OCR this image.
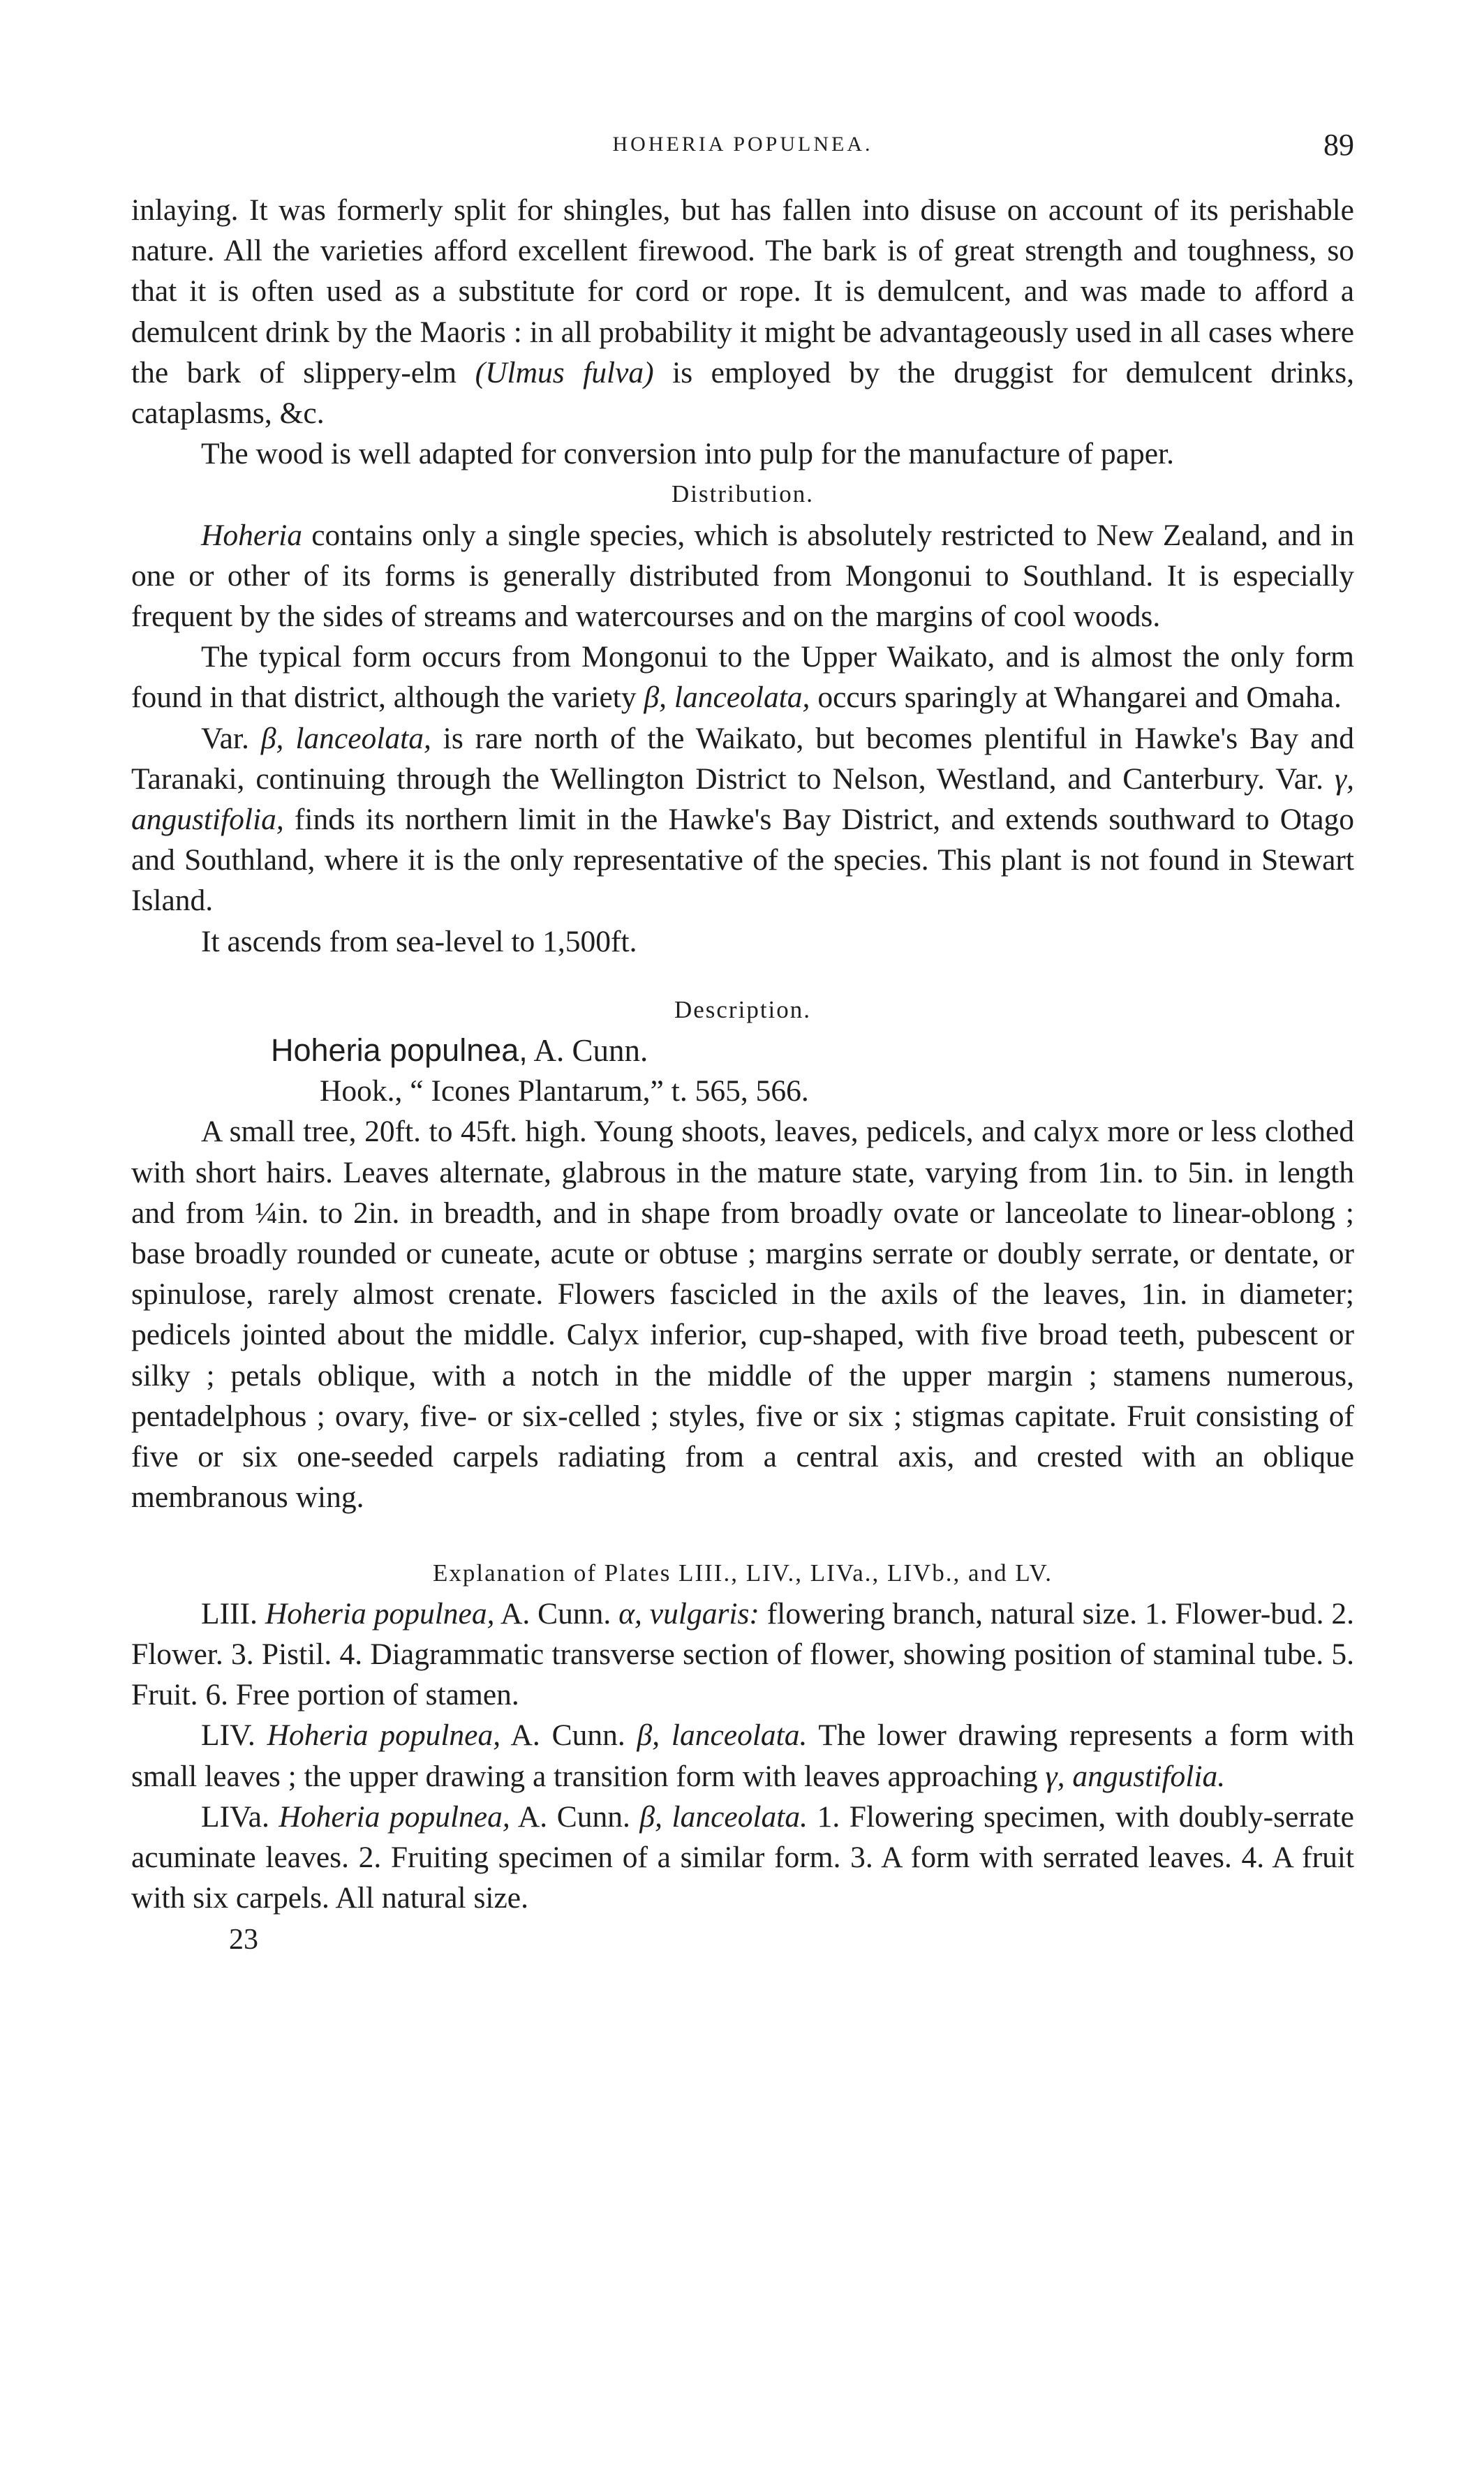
HOHERIA POPULNEA.	89

inlaying. It was formerly split for shingles, but has fallen into disuse on account of its perishable nature. All the varieties afford excellent firewood. The bark is of great strength and toughness, so that it is often used as a substitute for cord or rope. It is demulcent, and was made to afford a demulcent drink by the Maoris : in all probability it might be advantageously used in all cases where the bark of slippery-elm (Ulmus fulva) is employed by the druggist for demulcent drinks, cataplasms, &c.

The wood is well adapted for conversion into pulp for the manufacture of paper.

Distribution.

Hoheria contains only a single species, which is absolutely restricted to New Zealand, and in one or other of its forms is generally distributed from Mongonui to Southland. It is especially frequent by the sides of streams and watercourses and on the margins of cool woods.

The typical form occurs from Mongonui to the Upper Waikato, and is almost the only form found in that district, although the variety β, lanceolata, occurs sparingly at Whangarei and Omaha.

Var. β, lanceolata, is rare north of the Waikato, but becomes plentiful in Hawke's Bay and Taranaki, continuing through the Wellington District to Nelson, Westland, and Canterbury. Var. γ, angustifolia, finds its northern limit in the Hawke's Bay District, and extends southward to Otago and Southland, where it is the only representative of the species. This plant is not found in Stewart Island.

It ascends from sea-level to 1,500ft.

Description.
Hoheria populnea, A. Cunn.
Hook., “ Icones Plantarum,” t. 565, 566.

A small tree, 20ft. to 45ft. high. Young shoots, leaves, pedicels, and calyx more or less clothed with short hairs. Leaves alternate, glabrous in the mature state, varying from 1in. to 5in. in length and from ¼in. to 2in. in breadth, and in shape from broadly ovate or lanceolate to linear-oblong ; base broadly rounded or cuneate, acute or obtuse ; margins serrate or doubly serrate, or dentate, or spinulose, rarely almost crenate. Flowers fascicled in the axils of the leaves, 1in. in diameter; pedicels jointed about the middle. Calyx inferior, cup-shaped, with five broad teeth, pubescent or silky ; petals oblique, with a notch in the middle of the upper margin ; stamens numerous, pentadelphous ; ovary, five- or six-celled ; styles, five or six ; stigmas capitate. Fruit consisting of five or six one-seeded carpels radiating from a central axis, and crested with an oblique membranous wing.

Explanation of Plates LIII., LIV., LIVa., LIVb., and LV.

LIII. Hoheria populnea, A. Cunn. α, vulgaris: flowering branch, natural size. 1. Flower-bud. 2. Flower. 3. Pistil. 4. Diagrammatic transverse section of flower, showing position of staminal tube. 5. Fruit. 6. Free portion of stamen.

LIV. Hoheria populnea, A. Cunn. β, lanceolata. The lower drawing represents a form with small leaves ; the upper drawing a transition form with leaves approaching γ, angustifolia.

LIVa. Hoheria populnea, A. Cunn. β, lanceolata. 1. Flowering specimen, with doubly-serrate acuminate leaves. 2. Fruiting specimen of a similar form. 3. A form with serrated leaves. 4. A fruit with six carpels. All natural size.

23
